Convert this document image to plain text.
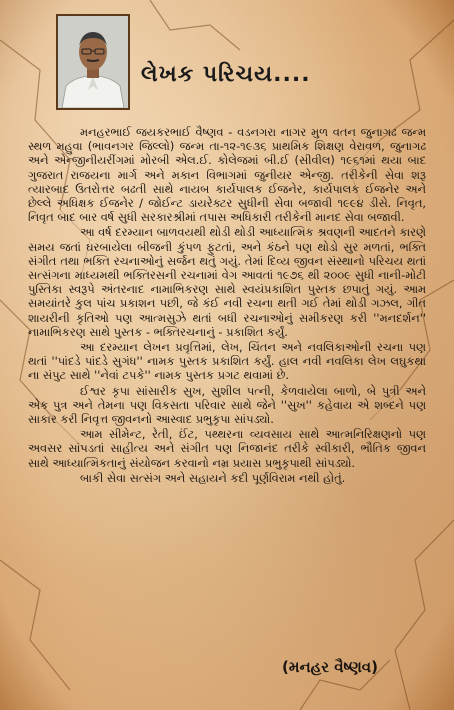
લેખક પરિચય....

મનહરભાઈ જયકરભાઈ વૈષ્ણવ - વડનગરા નાગર મુળ વતન જુનાગઢ જન્મ સ્થળ મહુવા (ભાવનગર જિલ્લો) જન્મ તા-૧૨-૧૯૩૬ પ્રાથમિક શિક્ષણ વેરાવળ, જુનાગઢ અને એન્જીનીયરીંગમાં મોરબી એલ.ઈ. કોલેજમાં બી.ઈ (સીવીલ) ૧૯૬૧માં થયા બાદ ગુજરાત રાજયના માર્ગ અને મકાન વિભાગમાં જુનીયર એન્જી. તરીકેની સેવા શરૂ ત્યારબાદ ઉતરોત્તર બઢતી સાથે નાયબ કાર્યપાલક ઈજનેર, કાર્યપાલક ઈજનેર અને છેલ્લે અધિક્ષક ઈજનેર / જોઈન્ટ ડાયરેક્ટર સુધીની સેવા બજાવી ૧૯૯૪ ડીસે. નિવૃત, નિવૃત બાદ બાર વર્ષ સુધી સરકારશ્રીમાં તપાસ અધિકારી તરીકેની માનદ સેવા બજાવી.

આ વર્ષ દરમ્યાન બાળવયથી થોડી થોડી આધ્યાત્મિક શ્રવણની આદતને કારણે સમય જતાં ઘરબાયેલા બીજની કુંપળ ફુટતાં, અને કંઠને પણ થોડો સુર મળતાં, ભક્તિ સંગીત તથા ભક્તિ રચનાઓનું સર્જન થતું ગયું. તેમાં દિવ્ય જીવન સંસ્થાનો પરિચય થતાં સત્સંગના માધ્યમથી ભક્તિરસની રચનામાં વેગ આવતાં ૧૯૭૬ થી ૨૦૦૯ સુધી નાની-મોટી પુસ્તિકા સ્વરૂપે અંતરનાદ નામાભિકરણ સાથે સ્વયંપ્રકાશિત પુસ્તક છપાતું ગયું. આમ સમયાંતરે કુલ પાંચ પ્રકાશન પછી, જે કંઈ નવી રચના થતી ગઈ તેમાં થોડી ગઝલ, ગીત શાયરીની કૃતિઓ પણ આત્મસુઝે થતાં બધી રચનાઓનું સમીકરણ કરી ''મનદર્શન'' નામાભિકરણ સાથે પુસ્તક - ભક્તિરચનાનું - પ્રકાશિત કર્યું.

આ દરમ્યાન લેખન પ્રવૃત્તિમાં, લેખ, ચિંતન અને નવલિકાઓની રચના પણ થતાં ''પાંદડે પાંદડે સુગંધ'' નામક પુસ્તક પ્રકાશિત કર્યું. હાલ નવી નવલિકા લેખ લઘુકથા ના સંપુટ સાથે ''નેવાં ટપકે'' નામક પુસ્તક પ્રગટ થવામાં છે.

ઈશ્વર કૃપા સાંસારીક સુખ, સુશીલ પત્ની, કેળવાયેલા બાળો, બે પુત્રી અને એક પુત્ર અને તેમના પણ વિકસતા પરિવાર સાથે જેને ''સુખ'' કહેવાય એ શબ્દને પણ સાકાર કરી નિવૃત્ત જીવનનો આસ્વાદ પ્રભુકૃપા સાંપડ્યો.

આમ સીમેન્ટ, રેતી, ઈંટ, પથ્થરના વ્યવસાય સાથે આત્મનિરિક્ષણનો પણ અવસર સાંપડતાં સાહીત્ય અને સંગીત પણ નિજાનંદ તરીકે સ્વીકારી, ભૌતિક જીવન સાથે આધ્યાત્મિકતાનું સંયોજન કરવાનો નમ્ર પ્રયાસ પ્રભુકૃપાથી સાંપડ્યો.

બાકી સેવા સત્સંગ અને સહાયને કદી પૂર્ણવિરામ નથી હોતું.

(મનહર વૈષ્ણવ)
